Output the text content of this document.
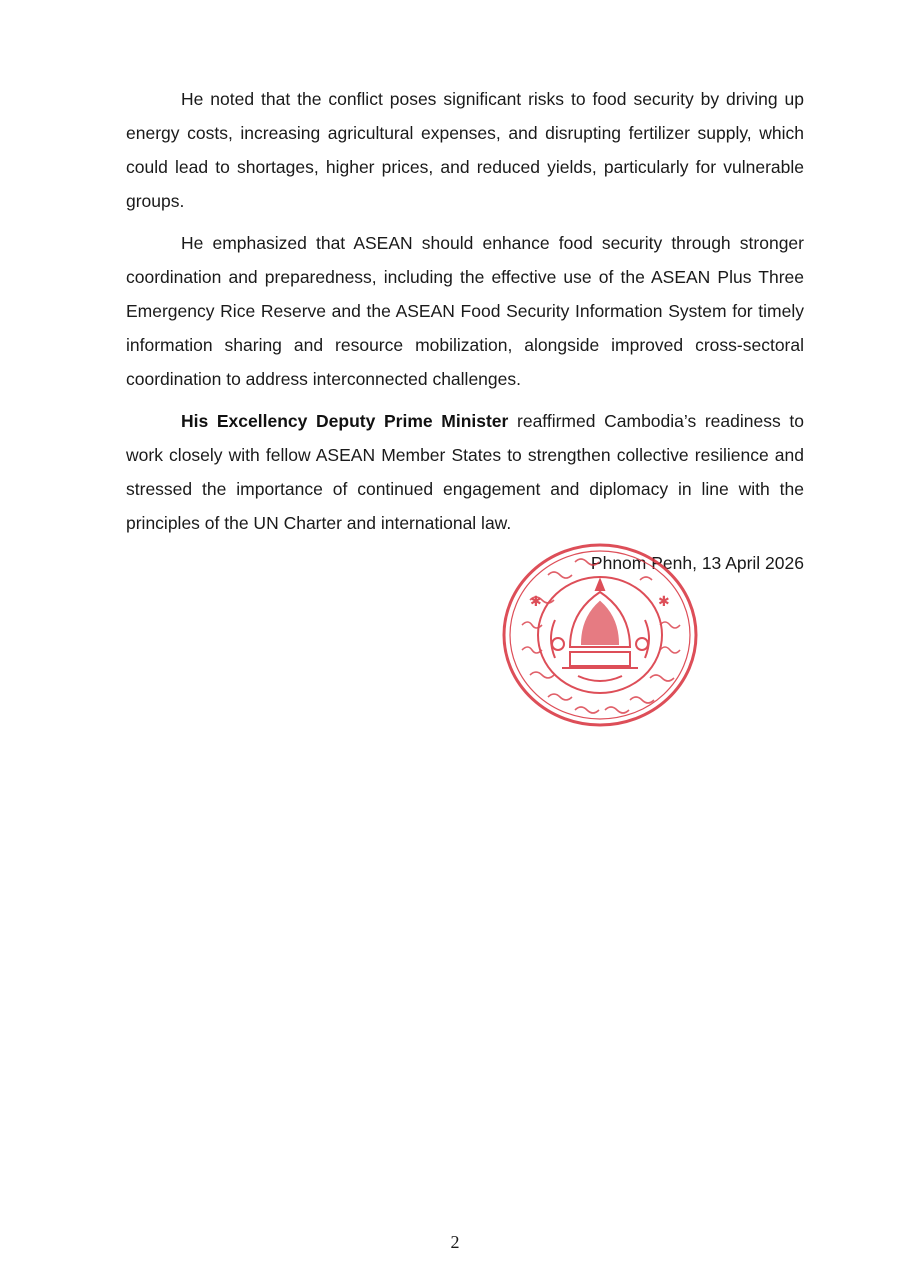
He noted that the conflict poses significant risks to food security by driving up energy costs, increasing agricultural expenses, and disrupting fertilizer supply, which could lead to shortages, higher prices, and reduced yields, particularly for vulnerable groups.

He emphasized that ASEAN should enhance food security through stronger coordination and preparedness, including the effective use of the ASEAN Plus Three Emergency Rice Reserve and the ASEAN Food Security Information System for timely information sharing and resource mobilization, alongside improved cross-sectoral coordination to address interconnected challenges.

His Excellency Deputy Prime Minister reaffirmed Cambodia’s readiness to work closely with fellow ASEAN Member States to strengthen collective resilience and stressed the importance of continued engagement and diplomacy in line with the principles of the UN Charter and international law.

Phnom Penh, 13 April 2026
✱	✱
2
